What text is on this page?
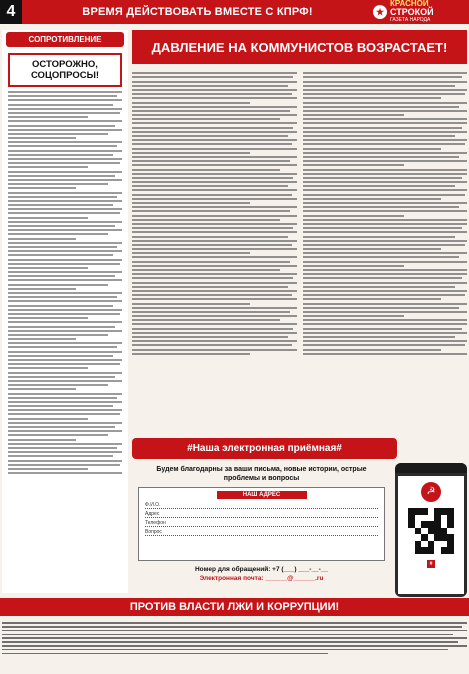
4	ВРЕМЯ ДЕЙСТВОВАТЬ ВМЕСТЕ С КПРФ!	★
КРАСНОЙ
СТРОКОЙ
ГАЗЕТА НАРОДА
СОПРОТИВЛЕНИЕ
ОСТОРОЖНО, СОЦОПРОСЫ!
ДАВЛЕНИЕ НА КОММУНИСТОВ ВОЗРАСТАЕТ!
#Наша электронная приёмная#
Будем благодарны за ваши письма, новые истории, острые проблемы и вопросы
НАШ АДРЕС
Ф.И.О.
Адрес
Телефон
Вопрос
Номер для обращений: +7 (___) ___-__-__
Электронная почта: ______@______.ru
☭
#
ПРОТИВ ВЛАСТИ ЛЖИ И КОРРУПЦИИ!
